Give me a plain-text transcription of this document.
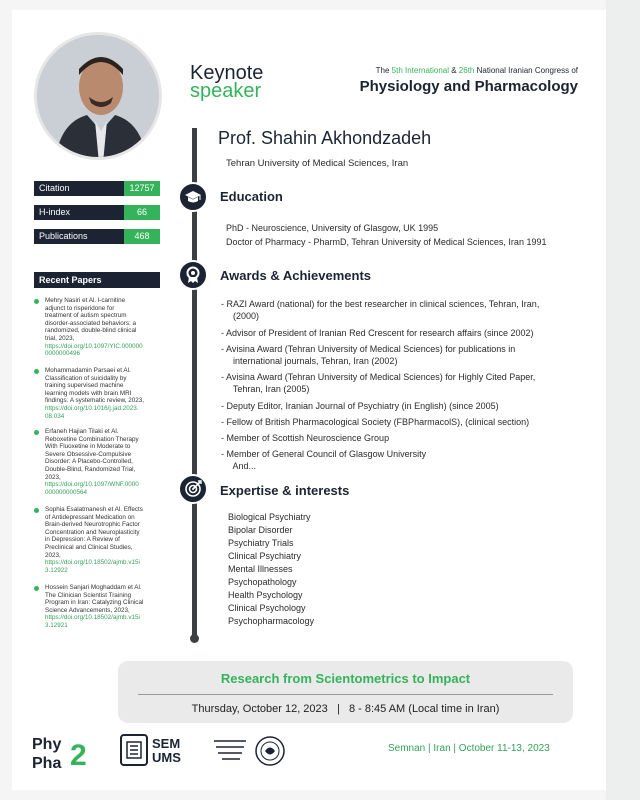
Keynote
speaker
The 5th International & 26th National Iranian Congress of
Physiology and Pharmacology
Prof. Shahin Akhondzadeh
Tehran University of Medical Sciences, Iran
Citation	12757
H-index	66
Publications	468
Recent Papers
Mehry Nasiri et Al. l-carnitine
adjunct to risperidone for
treatment of autism spectrum
disorder-associated behaviors: a
randomized, double-blind clinical
trial, 2023,
https://doi.org/10.1097/YIC.000000
0000000496
Mohammadamin Parsaei et Al.
Classification of suicidality by
training supervised machine
learning models with brain MRI
findings: A systematic review, 2023,
https://doi.org/10.1016/j.jad.2023.
08.034
Erfaneh Hajian Tilaki et Al.
Reboxetine Combination Therapy
With Fluoxetine in Moderate to
Severe Obsessive-Compulsive
Disorder: A Placebo-Controlled,
Double-Blind, Randomized Trial,
2023,
https://doi.org/10.1097/WNF.0000
000000000564
Sophia Esalatmanesh et Al. Effects
of Antidepressant Medication on
Brain-derived Neurotrophic Factor
Concentration and Neuroplasticity
in Depression: A Review of
Preclinical and Clinical Studies,
2023,
https://doi.org/10.18502/ajmb.v15i
3.12922
Hossein Sanjari Moghaddam et Al.
The Clinician Scientist Training
Program in Iran: Catalyzing Clinical
Science Advancements, 2023,
https://doi.org/10.18502/ajmb.v15i
3.12921
Education
PhD - Neuroscience, University of Glasgow, UK 1995
Doctor of Pharmacy - PharmD, Tehran University of Medical Sciences, Iran 1991
Awards & Achievements
- RAZI Award (national) for the best researcher in clinical sciences, Tehran, Iran,
(2000)
- Advisor of President of Iranian Red Crescent for research affairs (since 2002)
- Avisina Award (Tehran University of Medical Sciences) for publications in
international journals, Tehran, Iran (2002)
- Avisina Award (Tehran University of Medical Sciences) for Highly Cited Paper,
Tehran, Iran (2005)
- Deputy Editor, Iranian Journal of Psychiatry (in English) (since 2005)
- Fellow of British Pharmacological Society (FBPharmacolS), (clinical section)
- Member of Scottish Neuroscience Group
- Member of General Council of Glasgow University
And...
Expertise & interests
Biological Psychiatry
Bipolar Disorder
Psychiatry Trials
Clinical Psychiatry
Mental Illnesses
Psychopathology
Health Psychology
Clinical Psychology
Psychopharmacology
Research from Scientometrics to Impact
Thursday, October 12, 2023   |   8 - 8:45 AM (Local time in Iran)
Phy
Pha 2	SEM
UMS
Semnan | Iran | October 11-13, 2023
